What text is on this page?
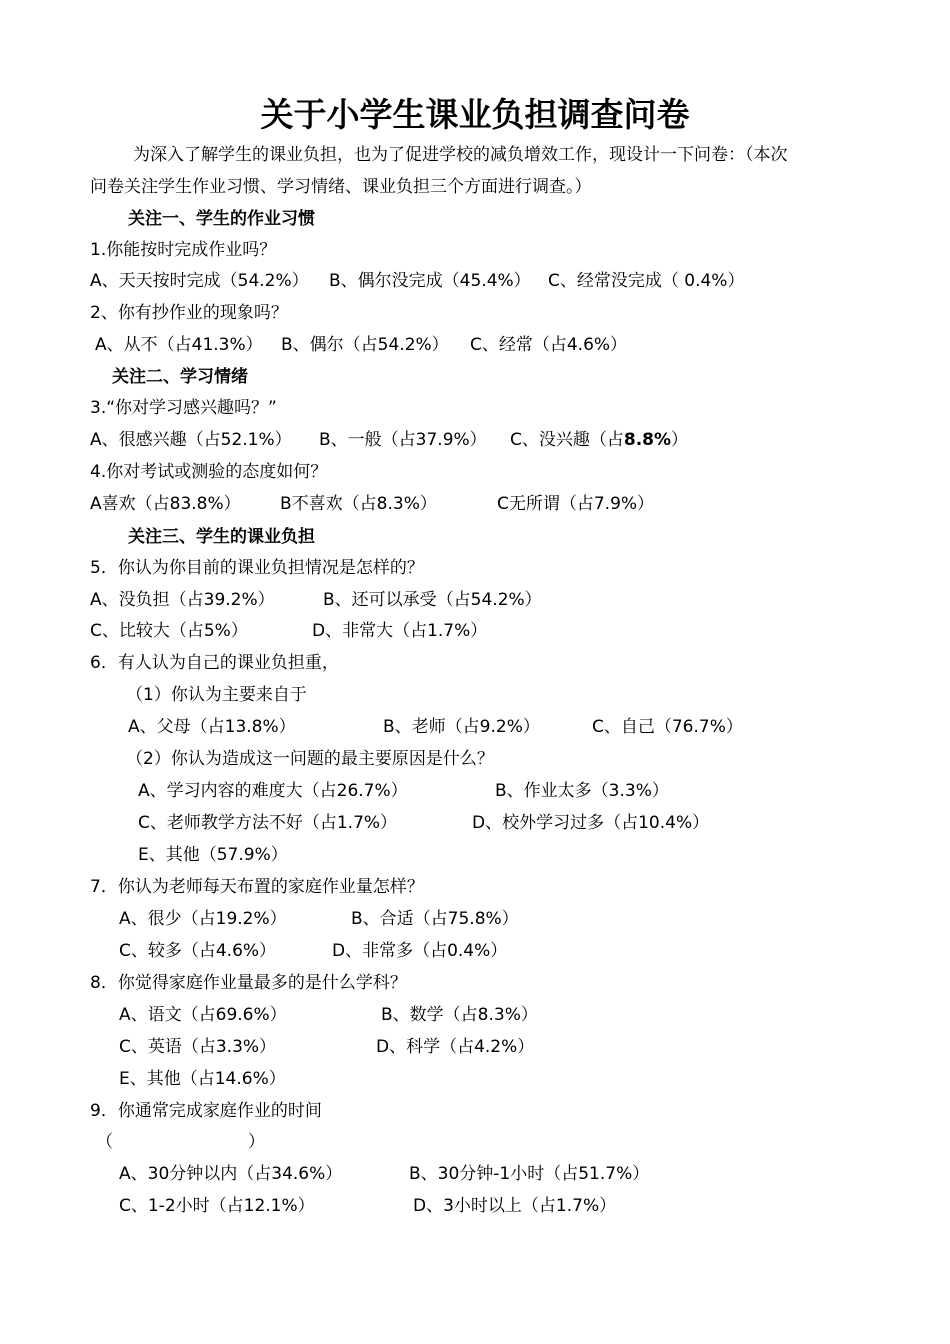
关于小学生课业负担调查问卷
为深入了解学生的课业负担，也为了促进学校的减负增效工作，现设计一下问卷：（本次
问卷关注学生作业习惯、学习情绪、课业负担三个方面进行调查。）
关注一、学生的作业习惯
1.你能按时完成作业吗？
A、天天按时完成（54.2%） B、偶尔没完成（45.4%） C、经常没完成（ 0.4%）
2、你有抄作业的现象吗？
A、从不（占41.3%） B、偶尔（占54.2%） C、经常（占4.6%）
关注二、学习情绪
3.“你对学习感兴趣吗？”
A、很感兴趣（占52.1%） B、一般（占37.9%） C、没兴趣（占8.8%）
4.你对考试或测验的态度如何？
A喜欢（占83.8%） B不喜欢（占8.3%）	C无所谓（占7.9%）
关注三、学生的课业负担
5．你认为你目前的课业负担情况是怎样的？
A、没负担（占39.2%）	B、还可以承受（占54.2%）
C、比较大（占5%）	D、非常大（占1.7%）
6．有人认为自己的课业负担重，
（1）你认为主要来自于
A、父母（占13.8%）	B、老师（占9.2%）	C、自己（76.7%）
（2）你认为造成这一问题的最主要原因是什么？
A、学习内容的难度大（占26.7%）	B、作业太多（3.3%）
C、老师教学方法不好（占1.7%）	D、校外学习过多（占10.4%）
E、其他（57.9%）
7．你认为老师每天布置的家庭作业量怎样？
A、很少（占19.2%）	B、合适（占75.8%）
C、较多（占4.6%）	D、非常多（占0.4%）
8．你觉得家庭作业量最多的是什么学科？
A、语文（占69.6%）	B、数学（占8.3%）
C、英语（占3.3%）	D、科学（占4.2%）
E、其他（占14.6%）
9．你通常完成家庭作业的时间
（	）
A、30分钟以内（占34.6%）	B、30分钟-1小时（占51.7%）
C、1-2小时（占12.1%）	D、3小时以上（占1.7%）
